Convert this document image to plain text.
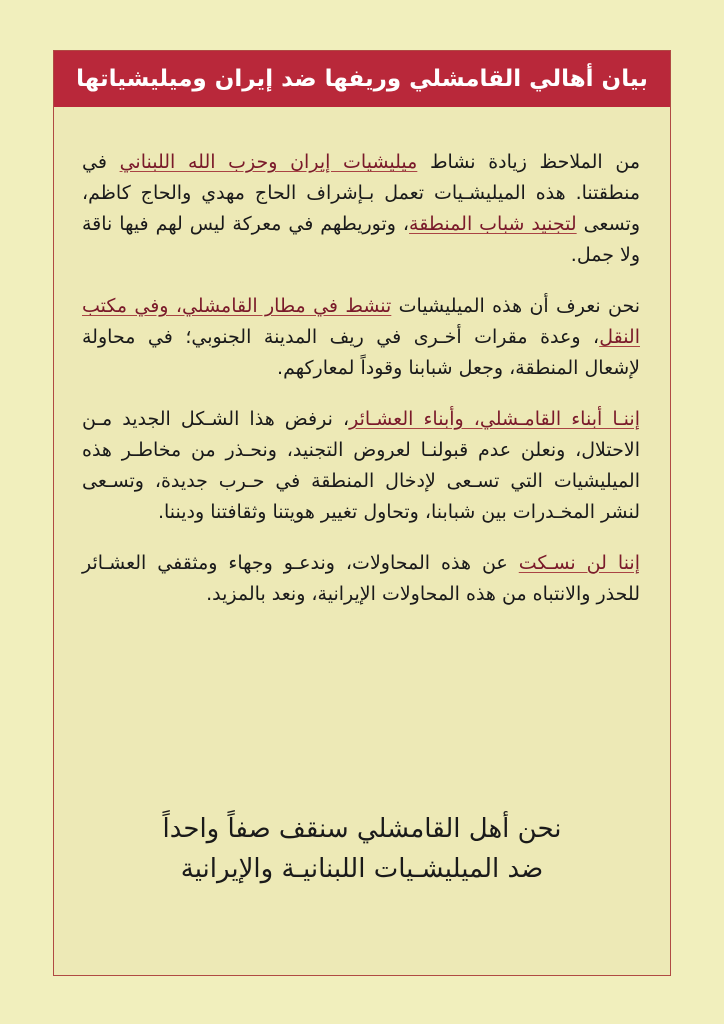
بيان أهالي القامشلي وريفها ضد إيران وميليشياتها

من الملاحظ زيادة نشاط ميليشيات إيران وحزب الله اللبناني في منطقتنا. هذه الميليشـيات تعمل بـإشراف الحاج مهدي والحاج كاظم، وتسعى لتجنيد شباب المنطقة، وتوريطهم في معركة ليس لهم فيها ناقة ولا جمل.

نحن نعرف أن هذه الميليشيات تنشط في مطار القامشلي، وفي مكتب النقل، وعدة مقرات أخـرى في ريف المدينة الجنوبي؛ في محاولة لإشعال المنطقة، وجعل شبابنا وقوداً لمعاركهم.

إننـا أبناء القامـشلي، وأبناء العشـائر، نرفض هذا الشـكل الجديد مـن الاحتلال، ونعلن عدم قبولنـا لعروض التجنيد، ونحـذر من مخاطـر هذه الميليشيات التي تسـعى لإدخال المنطقة في حـرب جديدة، وتسـعى لنشر المخـدرات بين شبابنا، وتحاول تغيير هويتنا وثقافتنا وديننا.

إننا لن نسـكت عن هذه المحاولات، وندعـو وجهاء ومثقفي العشـائر للحذر والانتباه من هذه المحاولات الإيرانية، ونعد بالمزيد.

نحن أهل القامشلي سنقف صفاً واحداً
ضد الميليشـيات اللبنانيـة والإيرانية
